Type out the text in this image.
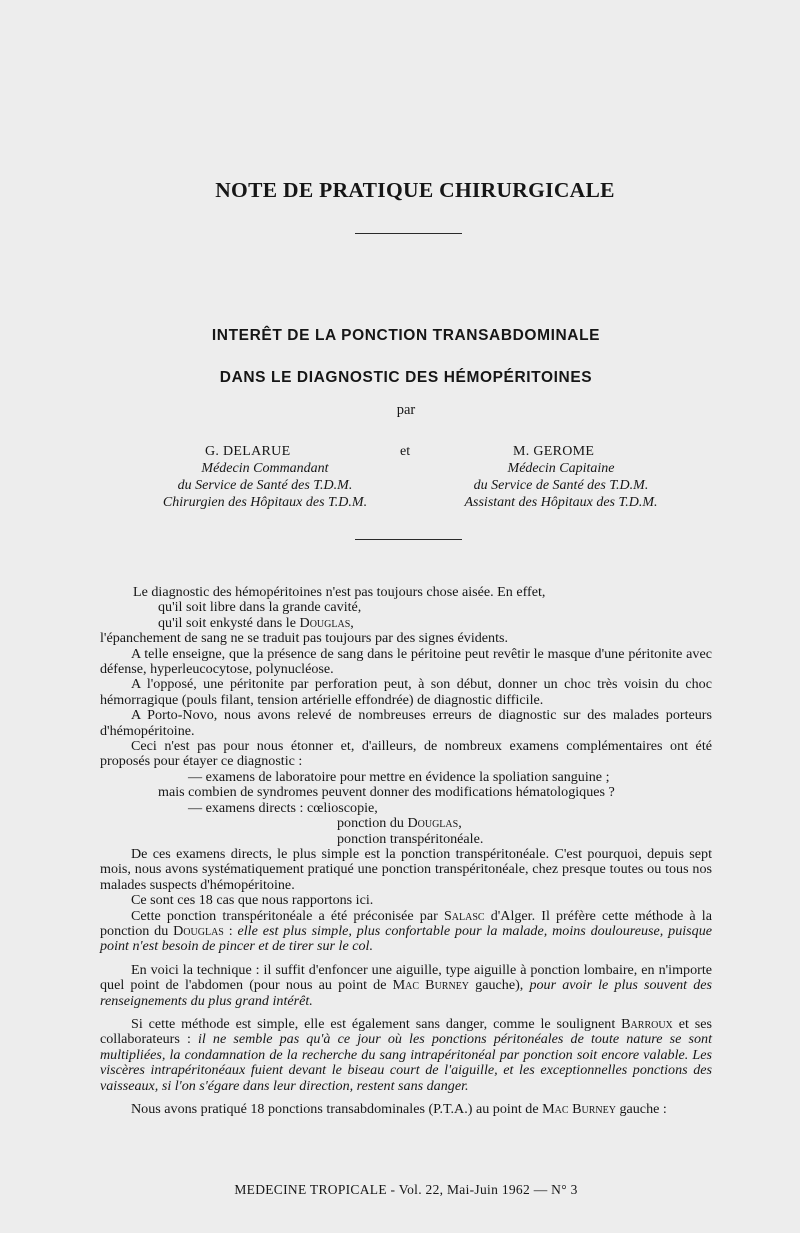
NOTE DE PRATIQUE CHIRURGICALE
INTERÊT DE LA PONCTION TRANSABDOMINALE
DANS LE DIAGNOSTIC DES HÉMOPÉRITOINES
par
G. DELARUE
Médecin Commandant
du Service de Santé des T.D.M.
Chirurgien des Hôpitaux des T.D.M.
et	M. GEROME
Médecin Capitaine
du Service de Santé des T.D.M.
Assistant des Hôpitaux des T.D.M.

Le diagnostic des hémopéritoines n'est pas toujours chose aisée. En effet,

qu'il soit libre dans la grande cavité,

qu'il soit enkysté dans le Douglas,

l'épanchement de sang ne se traduit pas toujours par des signes évidents.

A telle enseigne, que la présence de sang dans le péritoine peut revêtir le masque d'une péritonite avec défense, hyperleucocytose, polynucléose.

A l'opposé, une péritonite par perforation peut, à son début, donner un choc très voisin du choc hémorragique (pouls filant, tension artérielle effondrée) de diagnostic difficile.

A Porto-Novo, nous avons relevé de nombreuses erreurs de diagnostic sur des malades porteurs d'hémopéritoine.

Ceci n'est pas pour nous étonner et, d'ailleurs, de nombreux examens complémentaires ont été proposés pour étayer ce diagnostic :

— examens de laboratoire pour mettre en évidence la spoliation sanguine ;

mais combien de syndromes peuvent donner des modifications hématologiques ?

— examens directs : cœlioscopie,

ponction du Douglas,

ponction transpéritonéale.

De ces examens directs, le plus simple est la ponction transpéritonéale. C'est pourquoi, depuis sept mois, nous avons systématiquement pratiqué une ponction transpéritonéale, chez presque toutes ou tous nos malades suspects d'hémopéritoine.

Ce sont ces 18 cas que nous rapportons ici.

Cette ponction transpéritonéale a été préconisée par Salasc d'Alger. Il préfère cette méthode à la ponction du Douglas : elle est plus simple, plus confortable pour la malade, moins douloureuse, puisque point n'est besoin de pincer et de tirer sur le col.

En voici la technique : il suffit d'enfoncer une aiguille, type aiguille à ponction lombaire, en n'importe quel point de l'abdomen (pour nous au point de Mac Burney gauche), pour avoir le plus souvent des renseignements du plus grand intérêt.

Si cette méthode est simple, elle est également sans danger, comme le soulignent Barroux et ses collaborateurs : il ne semble pas qu'à ce jour où les ponctions péritonéales de toute nature se sont multipliées, la condamnation de la recherche du sang intrapéritonéal par ponction soit encore valable. Les viscères intrapéritonéaux fuient devant le biseau court de l'aiguille, et les exceptionnelles ponctions des vaisseaux, si l'on s'égare dans leur direction, restent sans danger.

Nous avons pratiqué 18 ponctions transabdominales (P.T.A.) au point de Mac Burney gauche :

MEDECINE TROPICALE - Vol. 22, Mai-Juin 1962 — N° 3
